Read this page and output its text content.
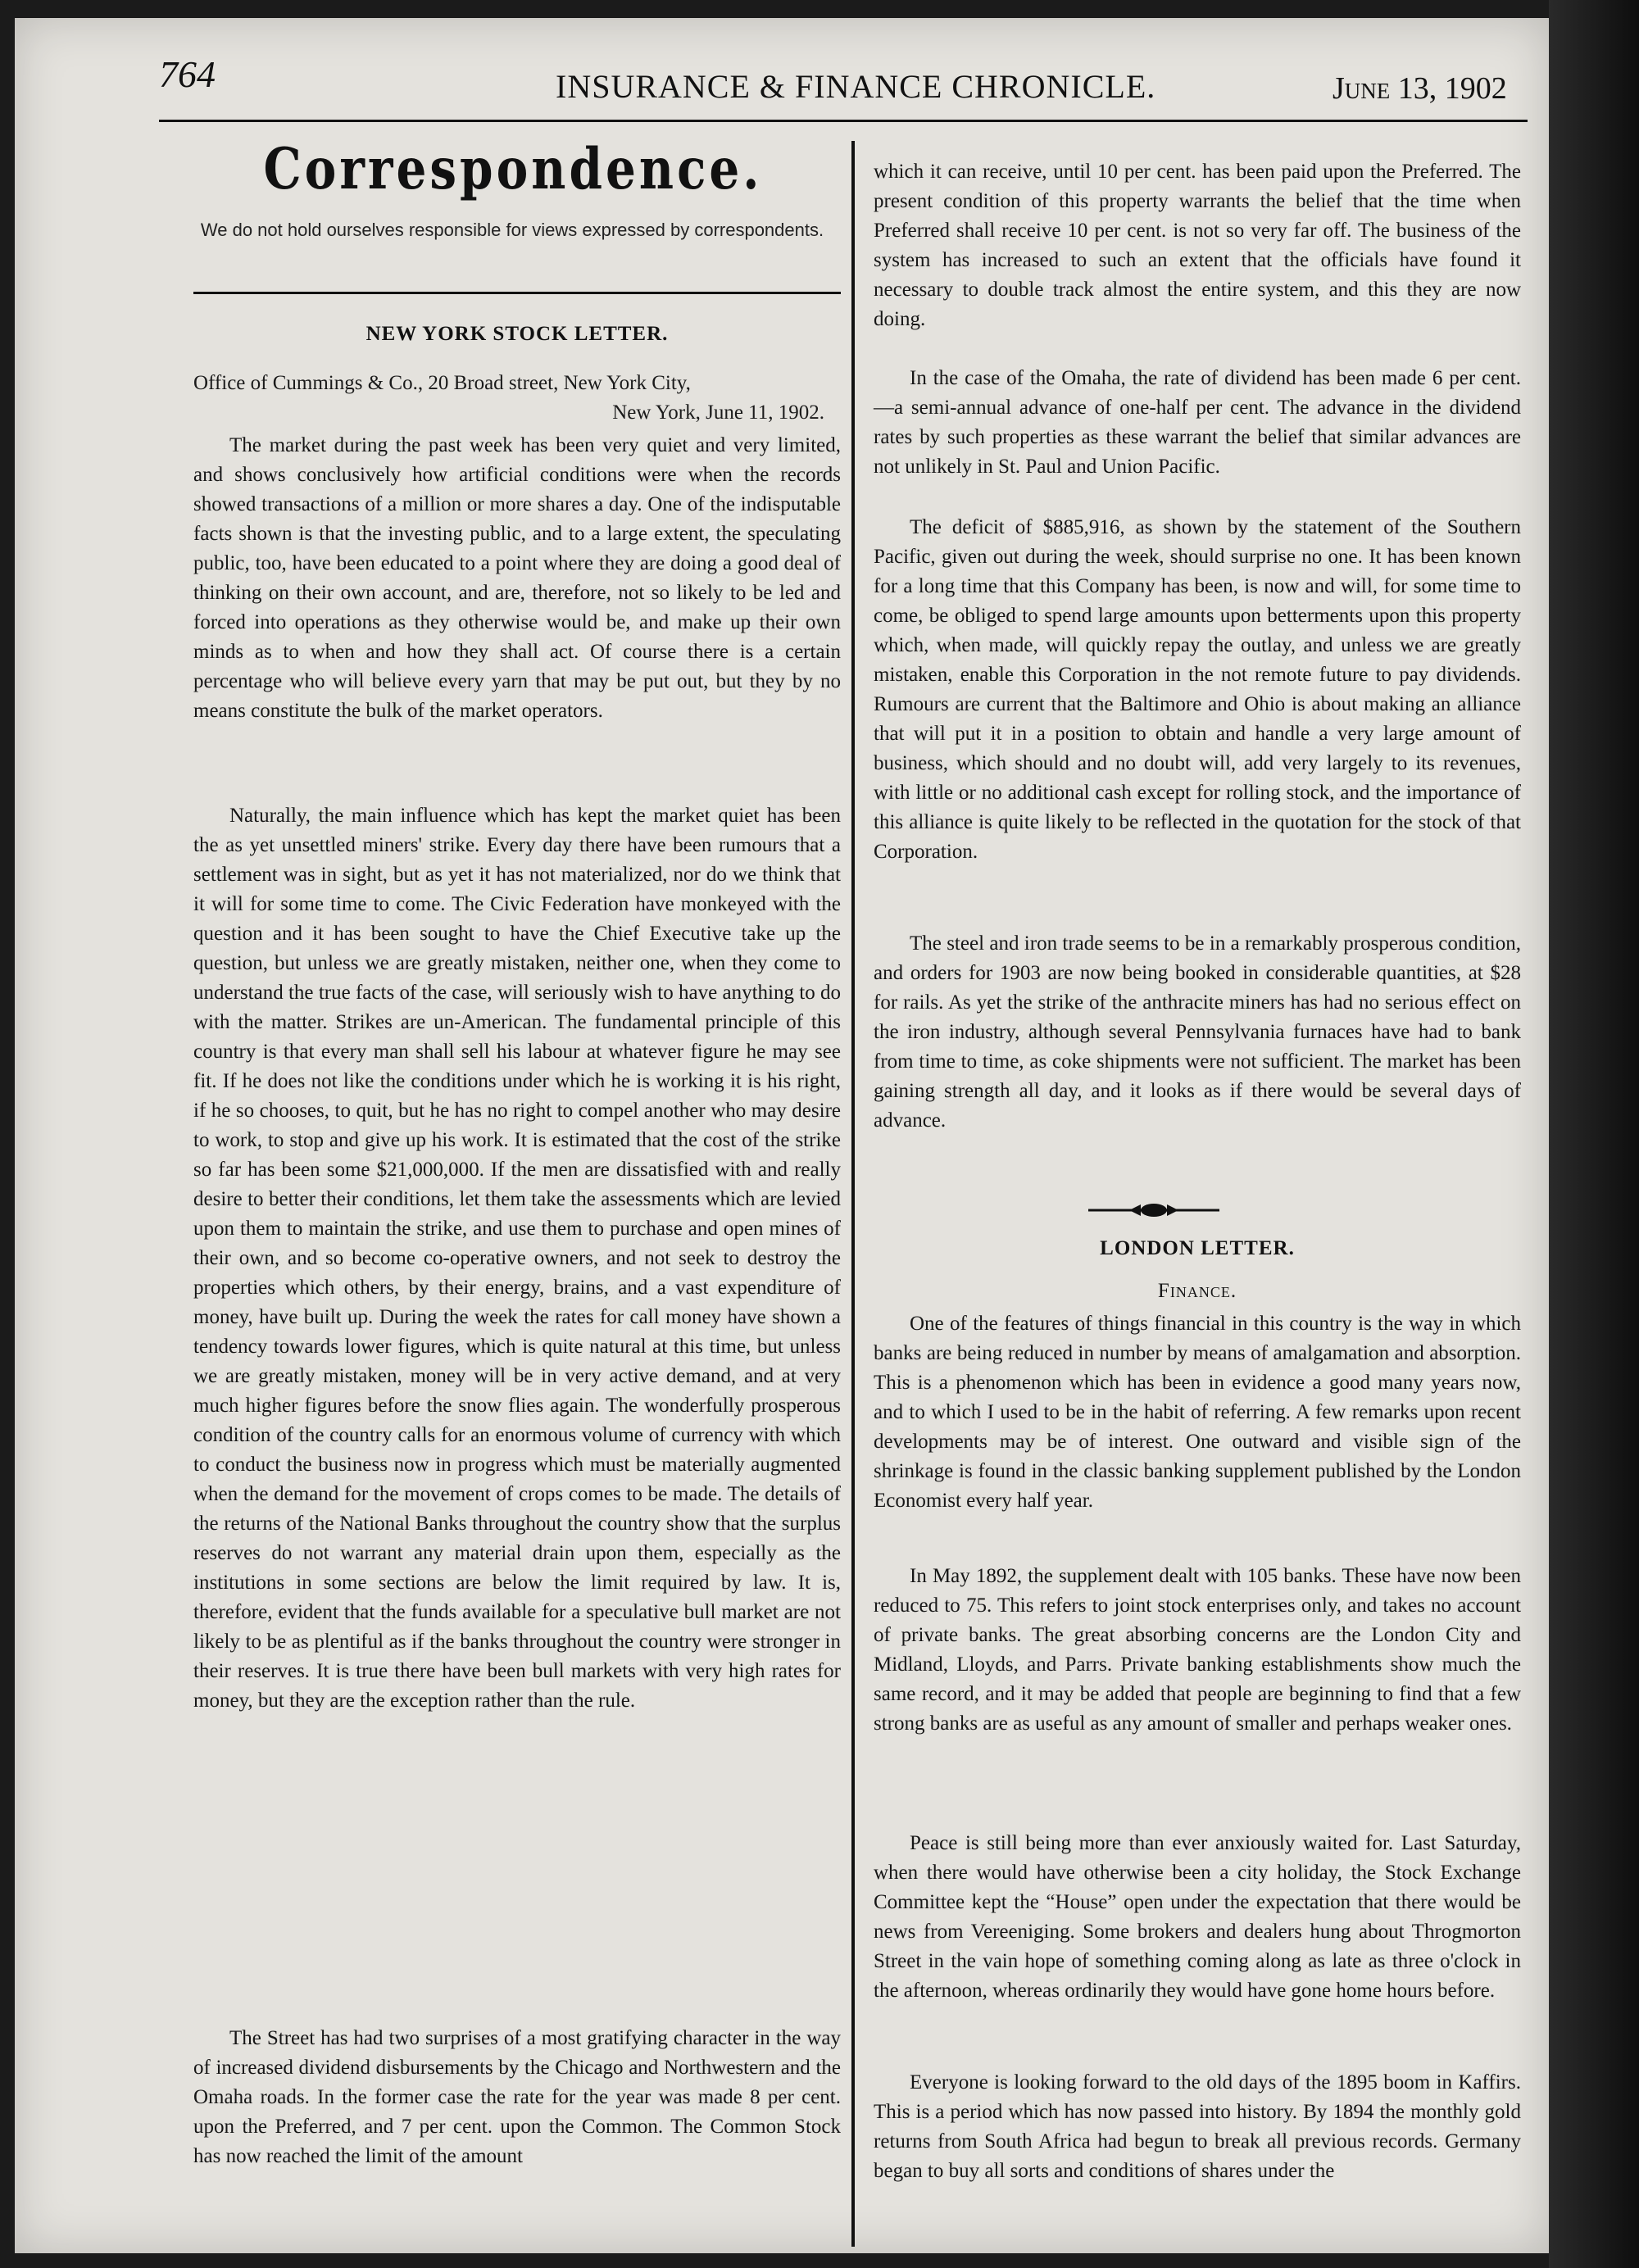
764	INSURANCE & FINANCE CHRONICLE.	June 13, 1902
Correspondence.
We do not hold ourselves responsible for views expressed by correspondents.
NEW YORK STOCK LETTER.
Office of Cummings & Co., 20 Broad street, New York City,
New York, June 11, 1902.

The market during the past week has been very quiet and very limited, and shows conclusively how artificial conditions were when the records showed transactions of a million or more shares a day. One of the indisputable facts shown is that the investing public, and to a large extent, the speculating public, too, have been educated to a point where they are doing a good deal of thinking on their own account, and are, therefore, not so likely to be led and forced into operations as they otherwise would be, and make up their own minds as to when and how they shall act. Of course there is a certain percentage who will believe every yarn that may be put out, but they by no means constitute the bulk of the market operators.

Naturally, the main influence which has kept the market quiet has been the as yet unsettled miners' strike. Every day there have been rumours that a settlement was in sight, but as yet it has not materialized, nor do we think that it will for some time to come. The Civic Federation have monkeyed with the question and it has been sought to have the Chief Executive take up the question, but unless we are greatly mistaken, neither one, when they come to understand the true facts of the case, will seriously wish to have anything to do with the matter. Strikes are un-American. The fundamental principle of this country is that every man shall sell his labour at whatever figure he may see fit. If he does not like the conditions under which he is working it is his right, if he so chooses, to quit, but he has no right to compel another who may desire to work, to stop and give up his work. It is estimated that the cost of the strike so far has been some $21,000,000. If the men are dissatisfied with and really desire to better their conditions, let them take the assessments which are levied upon them to maintain the strike, and use them to purchase and open mines of their own, and so become co-operative owners, and not seek to destroy the properties which others, by their energy, brains, and a vast expenditure of money, have built up. During the week the rates for call money have shown a tendency towards lower figures, which is quite natural at this time, but unless we are greatly mistaken, money will be in very active demand, and at very much higher figures before the snow flies again. The wonderfully prosperous condition of the country calls for an enormous volume of currency with which to conduct the business now in progress which must be materially augmented when the demand for the movement of crops comes to be made. The details of the returns of the National Banks throughout the country show that the surplus reserves do not warrant any material drain upon them, especially as the institutions in some sections are below the limit required by law. It is, therefore, evident that the funds available for a speculative bull market are not likely to be as plentiful as if the banks throughout the country were stronger in their reserves. It is true there have been bull markets with very high rates for money, but they are the exception rather than the rule.

The Street has had two surprises of a most gratifying character in the way of increased dividend disbursements by the Chicago and Northwestern and the Omaha roads. In the former case the rate for the year was made 8 per cent. upon the Preferred, and 7 per cent. upon the Common. The Common Stock has now reached the limit of the amount

which it can receive, until 10 per cent. has been paid upon the Preferred. The present condition of this property warrants the belief that the time when Preferred shall receive 10 per cent. is not so very far off. The business of the system has increased to such an extent that the officials have found it necessary to double track almost the entire system, and this they are now doing.

In the case of the Omaha, the rate of dividend has been made 6 per cent.—a semi-annual advance of one-half per cent. The advance in the dividend rates by such properties as these warrant the belief that similar advances are not unlikely in St. Paul and Union Pacific.

The deficit of $885,916, as shown by the statement of the Southern Pacific, given out during the week, should surprise no one. It has been known for a long time that this Company has been, is now and will, for some time to come, be obliged to spend large amounts upon betterments upon this property which, when made, will quickly repay the outlay, and unless we are greatly mistaken, enable this Corporation in the not remote future to pay dividends. Rumours are current that the Baltimore and Ohio is about making an alliance that will put it in a position to obtain and handle a very large amount of business, which should and no doubt will, add very largely to its revenues, with little or no additional cash except for rolling stock, and the importance of this alliance is quite likely to be reflected in the quotation for the stock of that Corporation.

The steel and iron trade seems to be in a remarkably prosperous condition, and orders for 1903 are now being booked in considerable quantities, at $28 for rails. As yet the strike of the anthracite miners has had no serious effect on the iron industry, although several Pennsylvania furnaces have had to bank from time to time, as coke shipments were not sufficient. The market has been gaining strength all day, and it looks as if there would be several days of advance.

LONDON LETTER.
Finance.

One of the features of things financial in this country is the way in which banks are being reduced in number by means of amalgamation and absorption. This is a phenomenon which has been in evidence a good many years now, and to which I used to be in the habit of referring. A few remarks upon recent developments may be of interest. One outward and visible sign of the shrinkage is found in the classic banking supplement published by the London Economist every half year.

In May 1892, the supplement dealt with 105 banks. These have now been reduced to 75. This refers to joint stock enterprises only, and takes no account of private banks. The great absorbing concerns are the London City and Midland, Lloyds, and Parrs. Private banking establishments show much the same record, and it may be added that people are beginning to find that a few strong banks are as useful as any amount of smaller and perhaps weaker ones.

Peace is still being more than ever anxiously waited for. Last Saturday, when there would have otherwise been a city holiday, the Stock Exchange Committee kept the “House” open under the expectation that there would be news from Vereeniging. Some brokers and dealers hung about Throgmorton Street in the vain hope of something coming along as late as three o'clock in the afternoon, whereas ordinarily they would have gone home hours before.

Everyone is looking forward to the old days of the 1895 boom in Kaffirs. This is a period which has now passed into history. By 1894 the monthly gold returns from South Africa had begun to break all previous records. Germany began to buy all sorts and conditions of shares under the
